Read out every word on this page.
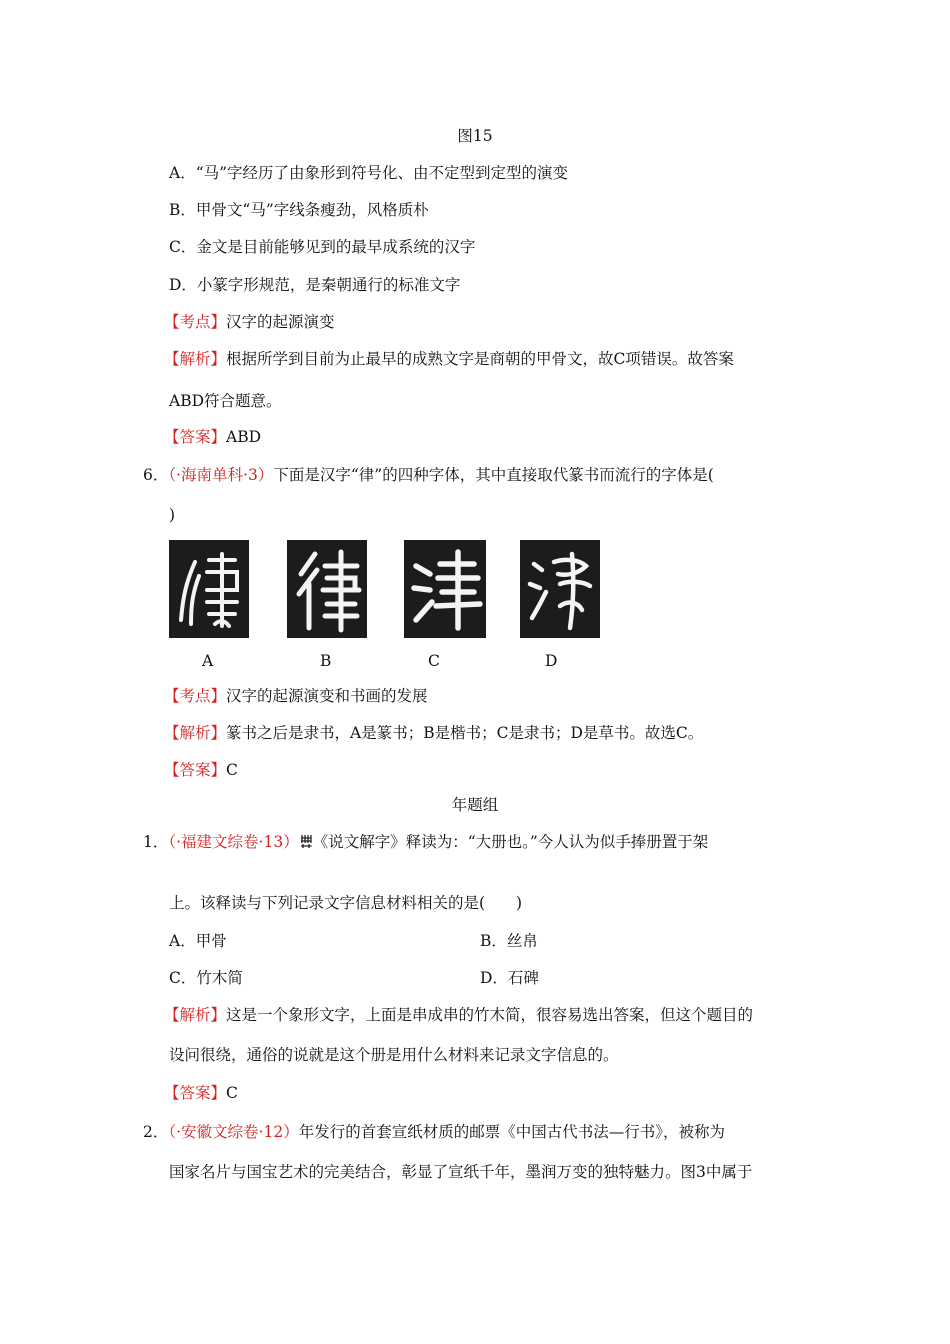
图15
A．“马”字经历了由象形到符号化、由不定型到定型的演变
B．甲骨文“马”字线条瘦劲，风格质朴
C．金文是目前能够见到的最早成系统的汉字
D．小篆字形规范，是秦朝通行的标准文字
【考点】汉字的起源演变
【解析】根据所学到目前为止最早的成熟文字是商朝的甲骨文，故C项错误。故答案
ABD符合题意。
【答案】ABD
6．（·海南单科·3）下面是汉字“律”的四种字体，其中直接取代篆书而流行的字体是(
)
A	B	C	D
【考点】汉字的起源演变和书画的发展
【解析】篆书之后是隶书，A是篆书；B是楷书；C是隶书；D是草书。故选C。
【答案】C
年题组
1．（·福建文综卷·13） 《说文解字》释读为：“大册也。”今人认为似手捧册置于架
上。该释读与下列记录文字信息材料相关的是(　　)
A．甲骨	B．丝帛
C．竹木简	D．石碑
【解析】这是一个象形文字，上面是串成串的竹木简，很容易选出答案，但这个题目的
设问很绕，通俗的说就是这个册是用什么材料来记录文字信息的。
【答案】C
2．（·安徽文综卷·12）年发行的首套宣纸材质的邮票《中国古代书法—行书》，被称为
国家名片与国宝艺术的完美结合，彰显了宣纸千年，墨润万变的独特魅力。图3中属于
